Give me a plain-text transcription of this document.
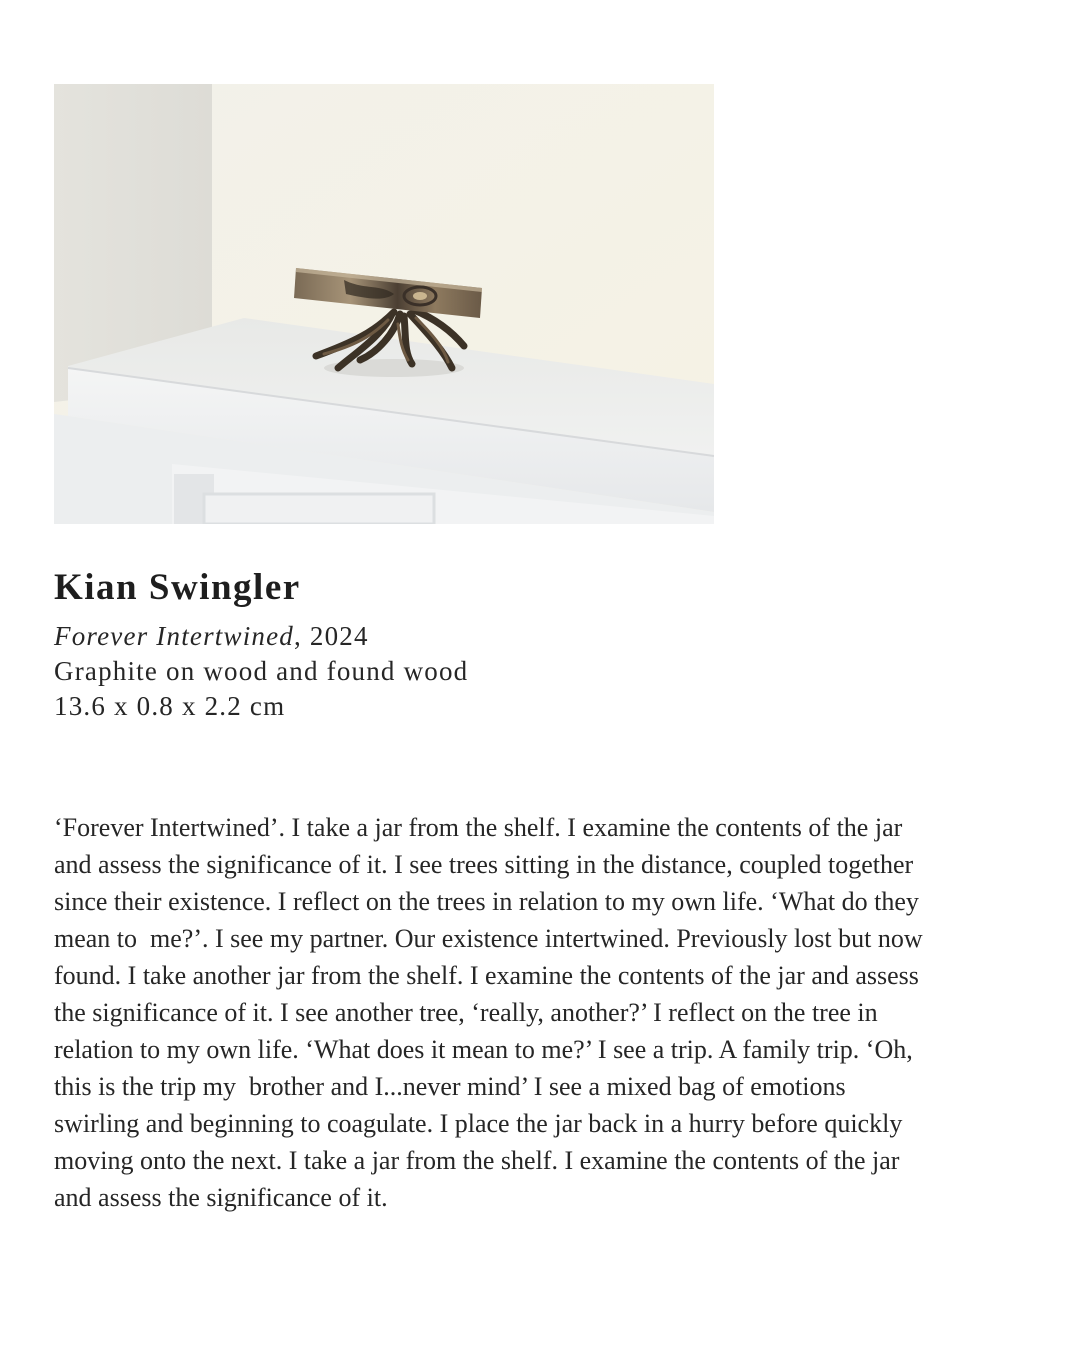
Kian Swingler
Forever Intertwined, 2024
Graphite on wood and found wood
13.6 x 0.8 x 2.2 cm

‘Forever Intertwined’. I take a jar from the shelf. I examine the contents of the jar
and assess the significance of it. I see trees sitting in the distance, coupled together
since their existence. I reflect on the trees in relation to my own life. ‘What do they
mean to  me?’. I see my partner. Our existence intertwined. Previously lost but now
found. I take another jar from the shelf. I examine the contents of the jar and assess
the significance of it. I see another tree, ‘really, another?’ I reflect on the tree in
relation to my own life. ‘What does it mean to me?’ I see a trip. A family trip. ‘Oh,
this is the trip my  brother and I...never mind’ I see a mixed bag of emotions
swirling and beginning to coagulate. I place the jar back in a hurry before quickly
moving onto the next. I take a jar from the shelf. I examine the contents of the jar
and assess the significance of it.
